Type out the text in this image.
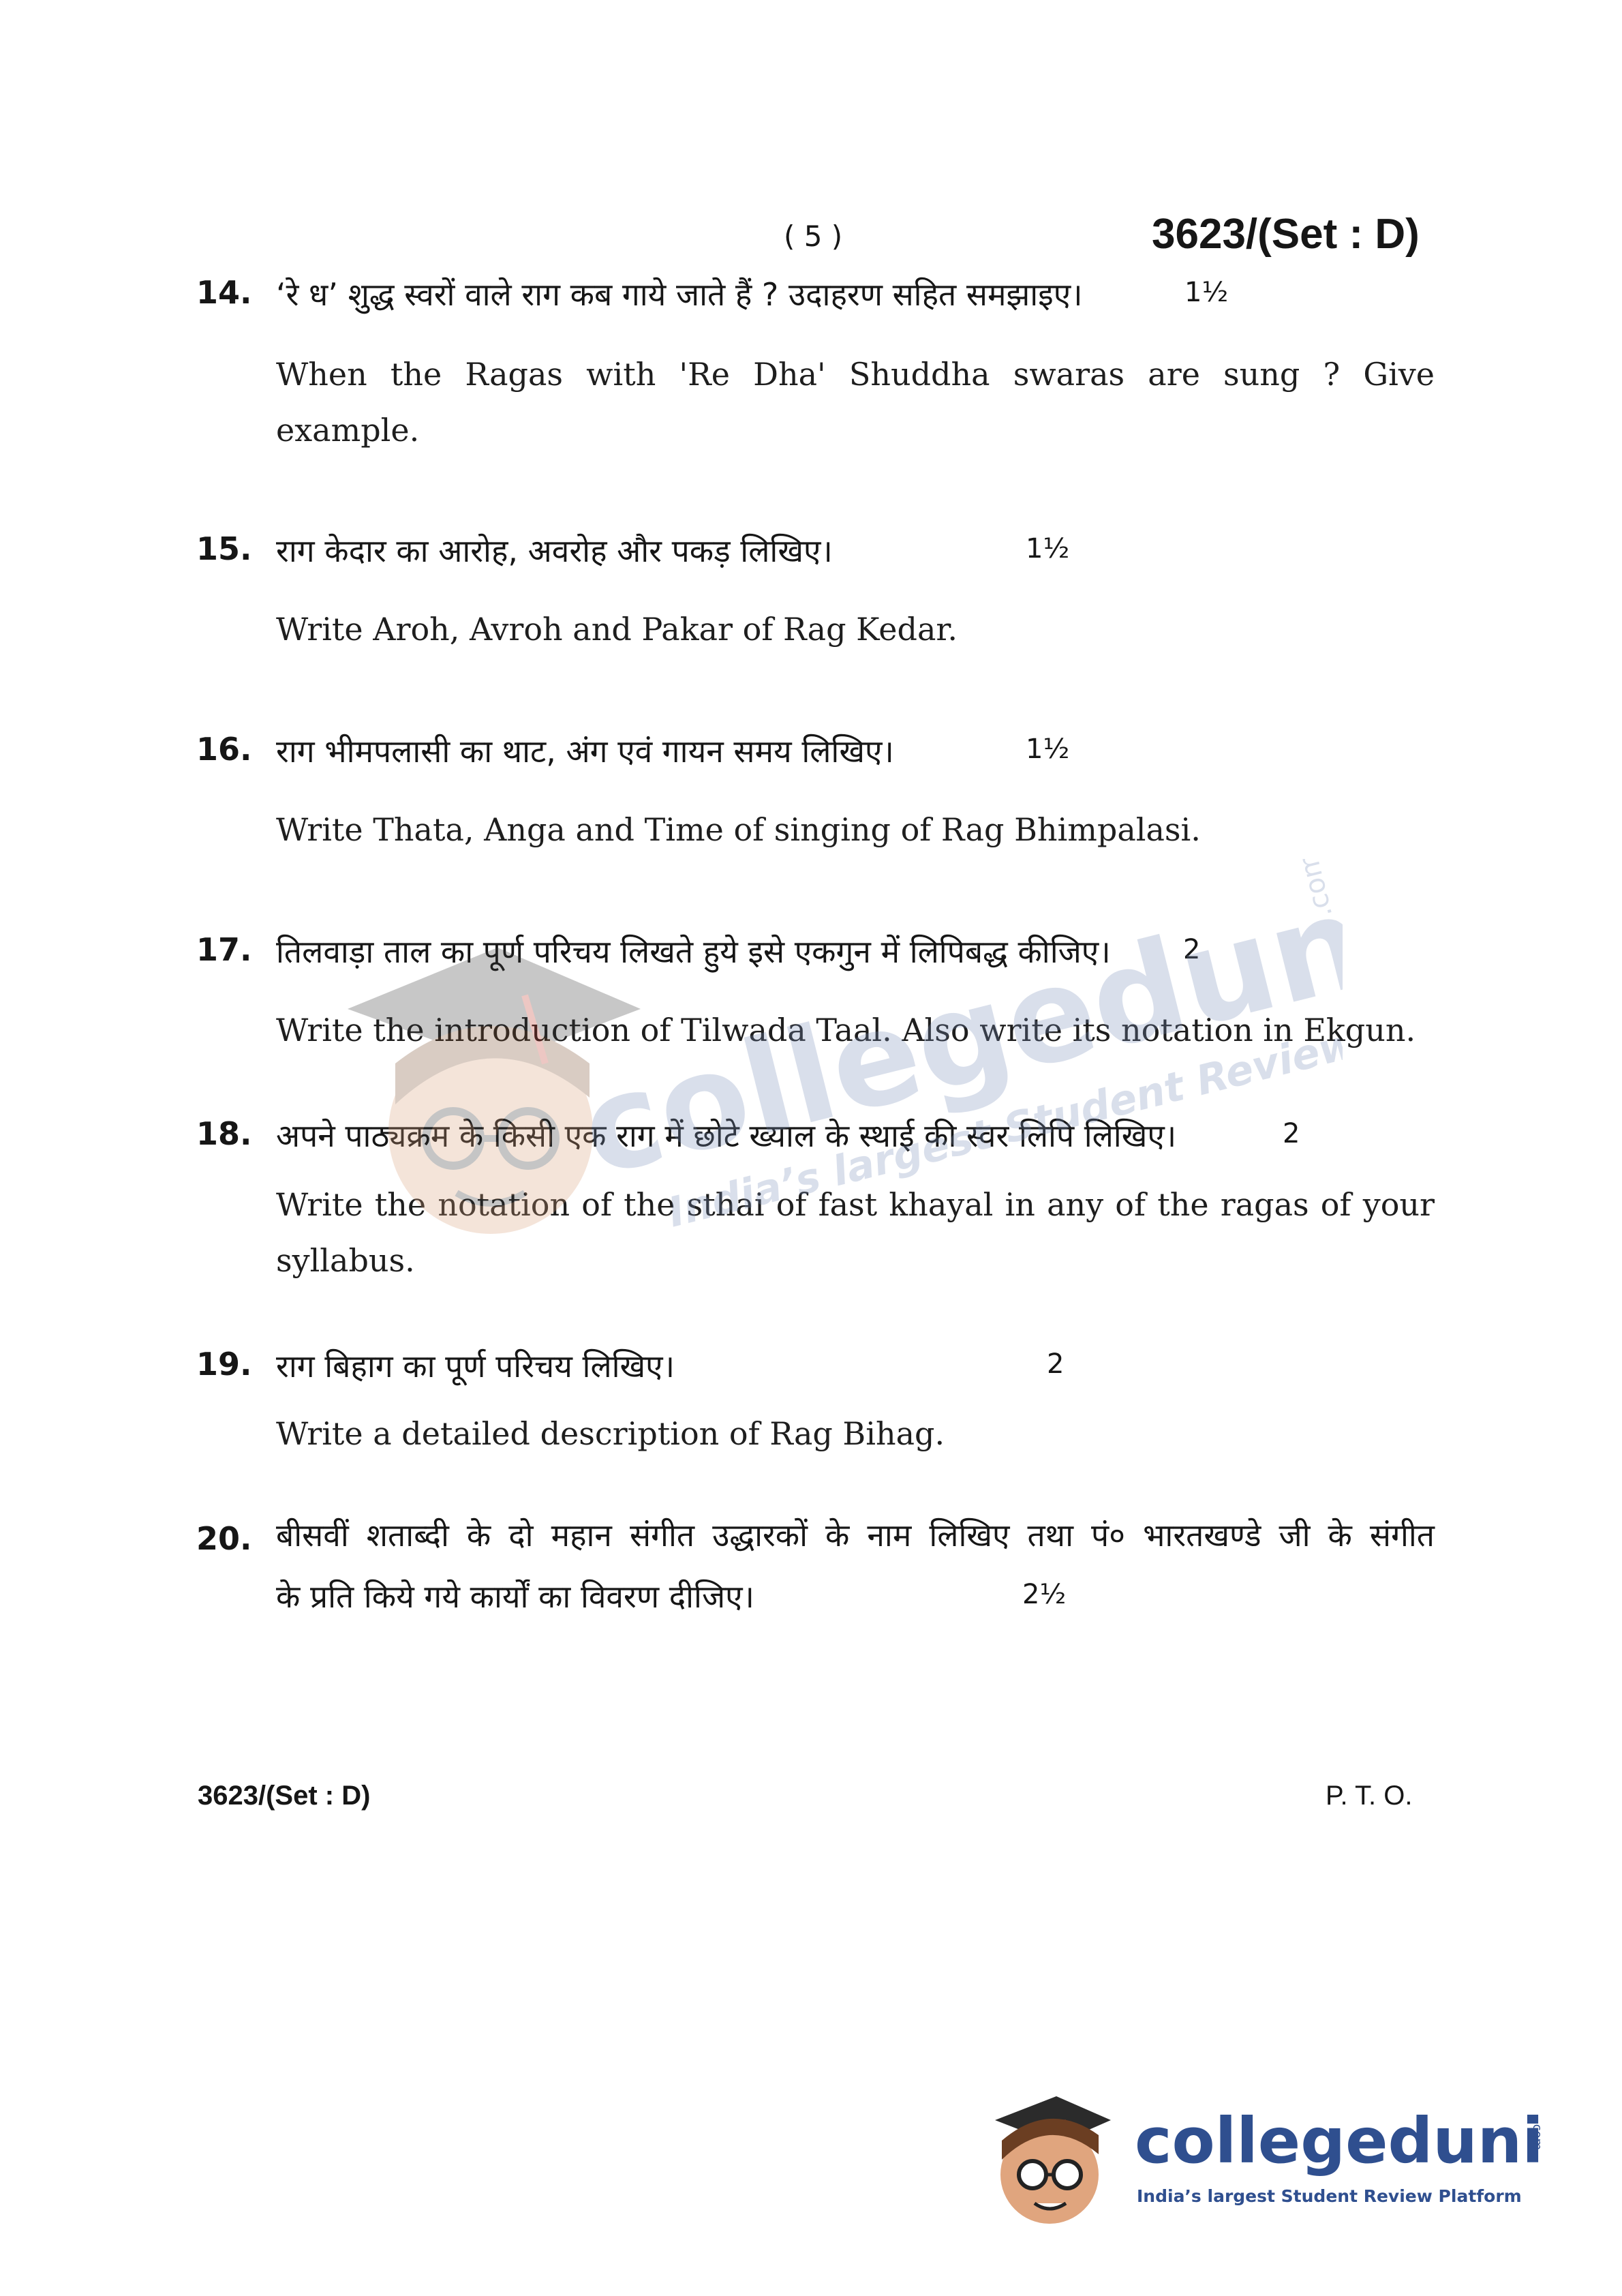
( 5 )	3623/(Set : D)
14. ‘रे ध’ शुद्ध स्वरों वाले राग कब गाये जाते हैं ? उदाहरण सहित समझाइए।	1½
When the Ragas with 'Re Dha' Shuddha swaras are sung ? Give example.
15. राग केदार का आरोह, अवरोह और पकड़ लिखिए।	1½
Write Aroh, Avroh and Pakar of Rag Kedar.
16. राग भीमपलासी का थाट, अंग एवं गायन समय लिखिए।	1½
Write Thata, Anga and Time of singing of Rag Bhimpalasi.
17. तिलवाड़ा ताल का पूर्ण परिचय लिखते हुये इसे एकगुन में लिपिबद्ध कीजिए।	2
Write the introduction of Tilwada Taal. Also write its notation in Ekgun.
18. अपने पाठ्यक्रम के किसी एक राग में छोटे ख्याल के स्थाई की स्वर लिपि लिखिए।	2
Write the notation of the sthai of fast khayal in any of the ragas of your syllabus.
19. राग बिहाग का पूर्ण परिचय लिखिए।	2
Write a detailed description of Rag Bihag.
20. बीसवीं शताब्दी के दो महान संगीत उद्धारकों के नाम लिखिए तथा पं० भारतखण्डे जी के संगीत
के प्रति किये गये कार्यों का विवरण दीजिए।	2½
3623/(Set : D)	P. T. O.
collegedunia
India’s largest Student Review
.com
collegeduni
India’s largest Student Review Platform
.com
